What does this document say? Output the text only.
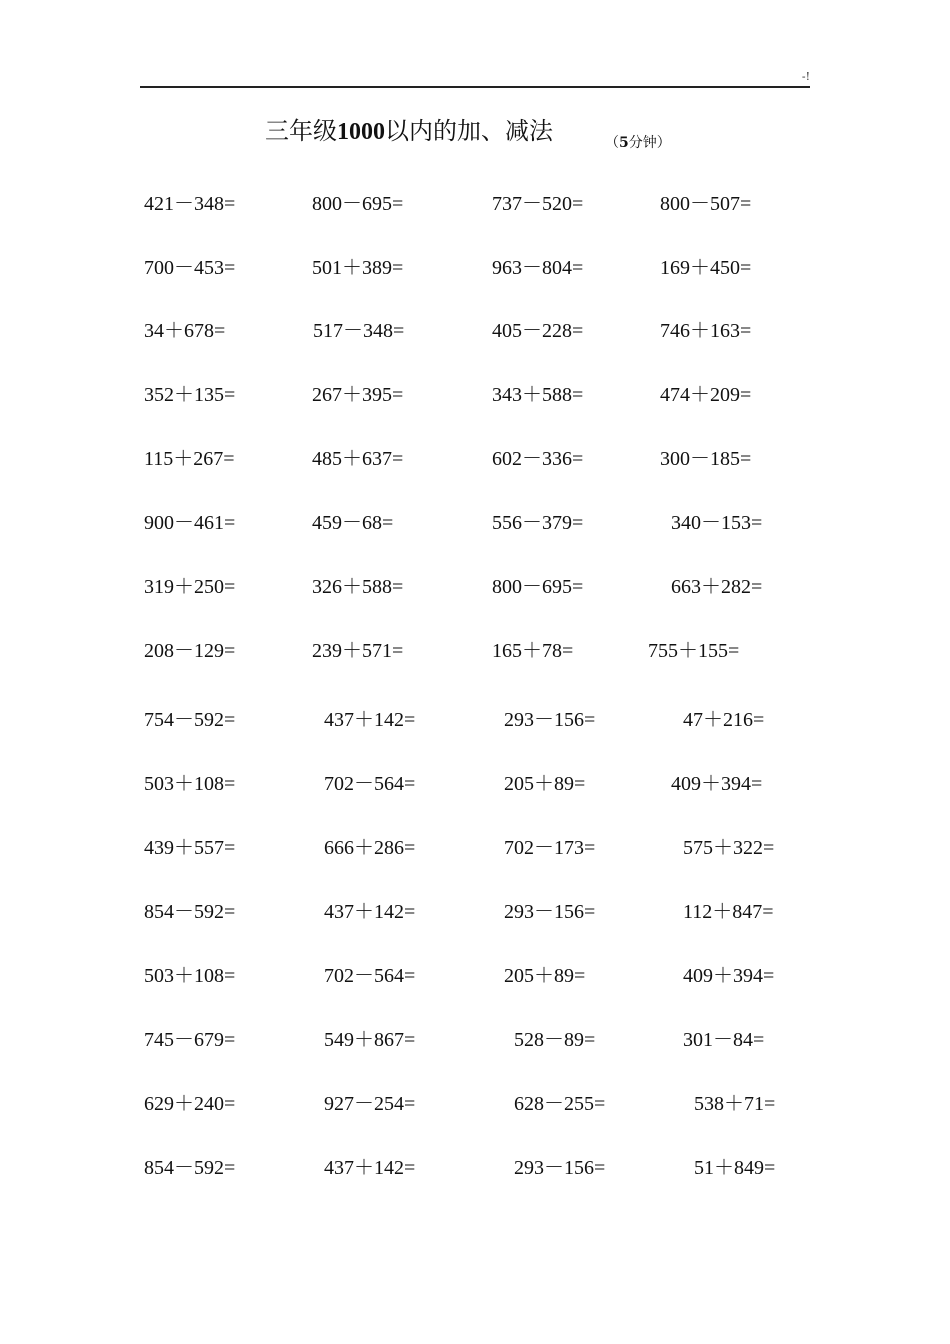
-!
三年级1000以内的加、减法	（5分钟）
421－348=	800－695=	737－520=	800－507=
700－453=	501＋389=	963－804=	169＋450=
34＋678=	517－348=	405－228=	746＋163=
352＋135=	267＋395=	343＋588=	474＋209=
115＋267=	485＋637=	602－336=	300－185=
900－461=	459－68=	556－379=	340－153=
319＋250=	326＋588=	800－695=	663＋282=
208－129=	239＋571=	165＋78=	755＋155=
754－592=	437＋142=	293－156=	47＋216=
503＋108=	702－564=	205＋89=	409＋394=
439＋557=	666＋286=	702－173=	575＋322=
854－592=	437＋142=	293－156=	112＋847=
503＋108=	702－564=	205＋89=	409＋394=
745－679=	549＋867=	528－89=	301－84=
629＋240=	927－254=	628－255=	538＋71=
854－592=	437＋142=	293－156=	51＋849=
